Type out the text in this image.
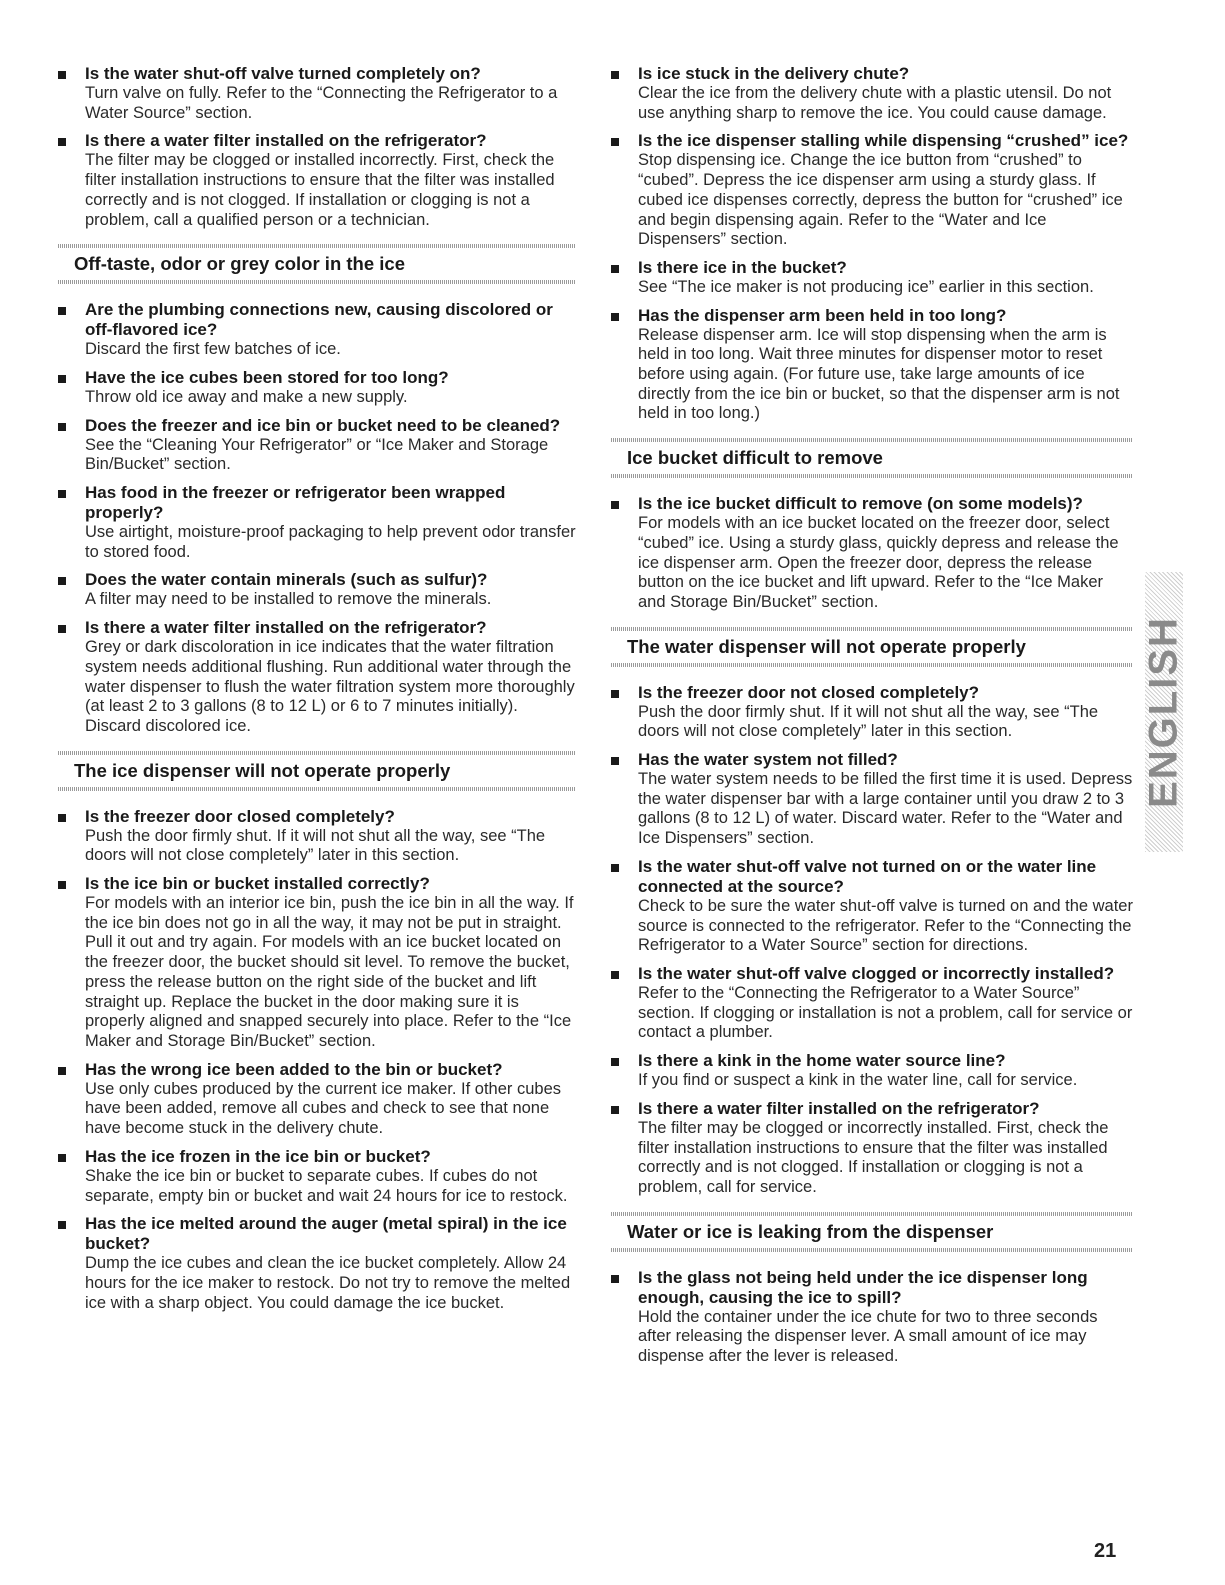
Is the water shut-off valve turned completely on?
Turn valve on fully. Refer to the “Connecting the Refrigerator to a Water Source” section.
Is there a water filter installed on the refrigerator?
The filter may be clogged or installed incorrectly. First, check the filter installation instructions to ensure that the filter was installed correctly and is not clogged. If installation or clogging is not a problem, call a qualified person or a technician.
Off-taste, odor or grey color in the ice
Are the plumbing connections new, causing discolored or off-flavored ice?
Discard the first few batches of ice.
Have the ice cubes been stored for too long?
Throw old ice away and make a new supply.
Does the freezer and ice bin or bucket need to be cleaned?
See the “Cleaning Your Refrigerator” or “Ice Maker and Storage Bin/Bucket” section.
Has food in the freezer or refrigerator been wrapped properly?
Use airtight, moisture-proof packaging to help prevent odor transfer to stored food.
Does the water contain minerals (such as sulfur)?
A filter may need to be installed to remove the minerals.
Is there a water filter installed on the refrigerator?
Grey or dark discoloration in ice indicates that the water filtration system needs additional flushing. Run additional water through the water dispenser to flush the water filtration system more thoroughly (at least 2 to 3 gallons (8 to 12 L) or 6 to 7 minutes initially). Discard discolored ice.
The ice dispenser will not operate properly
Is the freezer door closed completely?
Push the door firmly shut. If it will not shut all the way, see “The doors will not close completely” later in this section.
Is the ice bin or bucket installed correctly?
For models with an interior ice bin, push the ice bin in all the way. If the ice bin does not go in all the way, it may not be put in straight. Pull it out and try again. For models with an ice bucket located on the freezer door, the bucket should sit level. To remove the bucket, press the release button on the right side of the bucket and lift straight up. Replace the bucket in the door making sure it is properly aligned and snapped securely into place. Refer to the “Ice Maker and Storage Bin/Bucket” section.
Has the wrong ice been added to the bin or bucket?
Use only cubes produced by the current ice maker. If other cubes have been added, remove all cubes and check to see that none have become stuck in the delivery chute.
Has the ice frozen in the ice bin or bucket?
Shake the ice bin or bucket to separate cubes. If cubes do not separate, empty bin or bucket and wait 24 hours for ice to restock.
Has the ice melted around the auger (metal spiral) in the ice bucket?
Dump the ice cubes and clean the ice bucket completely. Allow 24 hours for the ice maker to restock. Do not try to remove the melted ice with a sharp object. You could damage the ice bucket.
Is ice stuck in the delivery chute?
Clear the ice from the delivery chute with a plastic utensil. Do not use anything sharp to remove the ice. You could cause damage.
Is the ice dispenser stalling while dispensing “crushed” ice?
Stop dispensing ice. Change the ice button from “crushed” to “cubed”. Depress the ice dispenser arm using a sturdy glass. If cubed ice dispenses correctly, depress the button for “crushed” ice and begin dispensing again. Refer to the “Water and Ice Dispensers” section.
Is there ice in the bucket?
See “The ice maker is not producing ice” earlier in this section.
Has the dispenser arm been held in too long?
Release dispenser arm. Ice will stop dispensing when the arm is held in too long. Wait three minutes for dispenser motor to reset before using again. (For future use, take large amounts of ice directly from the ice bin or bucket, so that the dispenser arm is not held in too long.)
Ice bucket difficult to remove
Is the ice bucket difficult to remove (on some models)?
For models with an ice bucket located on the freezer door, select “cubed” ice. Using a sturdy glass, quickly depress and release the ice dispenser arm. Open the freezer door, depress the release button on the ice bucket and lift upward. Refer to the “Ice Maker and Storage Bin/Bucket” section.
The water dispenser will not operate properly
Is the freezer door not closed completely?
Push the door firmly shut. If it will not shut all the way, see “The doors will not close completely” later in this section.
Has the water system not filled?
The water system needs to be filled the first time it is used. Depress the water dispenser bar with a large container until you draw 2 to 3 gallons (8 to 12 L) of water. Discard water. Refer to the “Water and Ice Dispensers” section.
Is the water shut-off valve not turned on or the water line connected at the source?
Check to be sure the water shut-off valve is turned on and the water source is connected to the refrigerator. Refer to the “Connecting the Refrigerator to a Water Source” section for directions.
Is the water shut-off valve clogged or incorrectly installed?
Refer to the “Connecting the Refrigerator to a Water Source” section. If clogging or installation is not a problem, call for service or contact a plumber.
Is there a kink in the home water source line?
If you find or suspect a kink in the water line, call for service.
Is there a water filter installed on the refrigerator?
The filter may be clogged or incorrectly installed. First, check the filter installation instructions to ensure that the filter was installed correctly and is not clogged. If installation or clogging is not a problem, call for service.
Water or ice is leaking from the dispenser
Is the glass not being held under the ice dispenser long enough, causing the ice to spill?
Hold the container under the ice chute for two to three seconds after releasing the dispenser lever. A small amount of ice may dispense after the lever is released.
ENGLISH
21
